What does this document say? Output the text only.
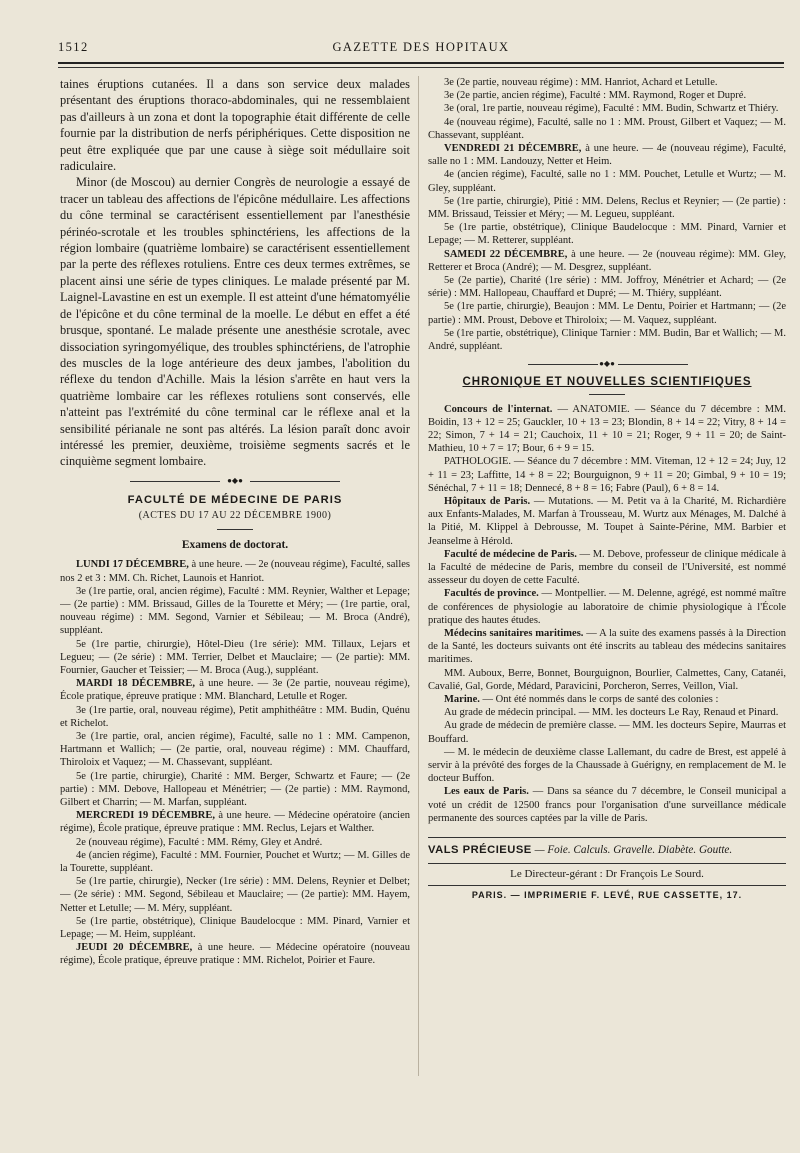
1512	GAZETTE DES HOPITAUX

taines éruptions cutanées. Il a dans son service deux malades présentant des éruptions thoraco-abdominales, qui ne ressemblaient pas d'ailleurs à un zona et dont la topographie était différente de celle fournie par la distribution de nerfs périphériques. Cette disposition ne peut être expliquée que par une cause à siège soit médullaire soit radiculaire.

Minor (de Moscou) au dernier Congrès de neurologie a essayé de tracer un tableau des affections de l'épicône médullaire. Les affections du cône terminal se caractérisent essentiellement par l'anesthésie périnéo-scrotale et les troubles sphinctériens, les affections de la région lombaire (quatrième lombaire) se caractérisent essentiellement par la perte des réflexes rotuliens. Entre ces deux termes extrêmes, se placent ainsi une série de types cliniques. Le malade présenté par M. Laignel-Lavastine en est un exemple. Il est atteint d'une hématomyélie de l'épicône et du cône terminal de la moelle. Le début en effet a été brusque, spontané. Le malade présente une anesthésie scrotale, avec dissociation syringomyélique, des troubles sphinctériens, de l'atrophie des muscles de la loge antérieure des deux jambes, l'abolition du réflexe du tendon d'Achille. Mais la lésion s'arrête en haut vers la quatrième lombaire car les réflexes rotuliens sont conservés, elle n'atteint pas l'extrémité du cône terminal car le réflexe anal et la sensibilité périanale ne sont pas altérés. La lésion paraît donc avoir intéressé les premier, deuxième, troisième segments sacrés et le cinquième segment lombaire.

●◆●
FACULTÉ DE MÉDECINE DE PARIS
(ACTES DU 17 AU 22 DÉCEMBRE 1900)
Examens de doctorat.

LUNDI 17 DÉCEMBRE, à une heure. — 2e (nouveau régime), Faculté, salles nos 2 et 3 : MM. Ch. Richet, Launois et Hanriot.

3e (1re partie, oral, ancien régime), Faculté : MM. Reynier, Walther et Lepage; — (2e partie) : MM. Brissaud, Gilles de la Tourette et Méry; — (1re partie, oral, nouveau régime) : MM. Segond, Varnier et Sébileau; — M. Broca (André), suppléant.

5e (1re partie, chirurgie), Hôtel-Dieu (1re série): MM. Tillaux, Lejars et Legueu; — (2e série) : MM. Terrier, Delbet et Mauclaire; — (2e partie): MM. Fournier, Gaucher et Teissier; — M. Broca (Aug.), suppléant.

MARDI 18 DÉCEMBRE, à une heure. — 3e (2e partie, nouveau régime), École pratique, épreuve pratique : MM. Blanchard, Letulle et Roger.

3e (1re partie, oral, nouveau régime), Petit amphithéâtre : MM. Budin, Quénu et Richelot.

3e (1re partie, oral, ancien régime), Faculté, salle no 1 : MM. Campenon, Hartmann et Wallich; — (2e partie, oral, nouveau régime) : MM. Chauffard, Thiroloix et Vaquez; — M. Chassevant, suppléant.

5e (1re partie, chirurgie), Charité : MM. Berger, Schwartz et Faure; — (2e partie) : MM. Debove, Hallopeau et Ménétrier; — (2e partie) : MM. Raymond, Gilbert et Charrin; — M. Marfan, suppléant.

MERCREDI 19 DÉCEMBRE, à une heure. — Médecine opératoire (ancien régime), École pratique, épreuve pratique : MM. Reclus, Lejars et Walther.

2e (nouveau régime), Faculté : MM. Rémy, Gley et André.

4e (ancien régime), Faculté : MM. Fournier, Pouchet et Wurtz; — M. Gilles de la Tourette, suppléant.

5e (1re partie, chirurgie), Necker (1re série) : MM. Delens, Reynier et Delbet; — (2e série) : MM. Segond, Sébileau et Mauclaire; — (2e partie): MM. Hayem, Netter et Letulle; — M. Méry, suppléant.

5e (1re partie, obstétrique), Clinique Baudelocque : MM. Pinard, Varnier et Lepage; — M. Heim, suppléant.

JEUDI 20 DÉCEMBRE, à une heure. — Médecine opératoire (nouveau régime), École pratique, épreuve pratique : MM. Richelot, Poirier et Faure.

3e (2e partie, nouveau régime) : MM. Hanriot, Achard et Letulle.

3e (2e partie, ancien régime), Faculté : MM. Raymond, Roger et Dupré.

3e (oral, 1re partie, nouveau régime), Faculté : MM. Budin, Schwartz et Thiéry.

4e (nouveau régime), Faculté, salle no 1 : MM. Proust, Gilbert et Vaquez; — M. Chassevant, suppléant.

VENDREDI 21 DÉCEMBRE, à une heure. — 4e (nouveau régime), Faculté, salle no 1 : MM. Landouzy, Netter et Heim.

4e (ancien régime), Faculté, salle no 1 : MM. Pouchet, Letulle et Wurtz; — M. Gley, suppléant.

5e (1re partie, chirurgie), Pitié : MM. Delens, Reclus et Reynier; — (2e partie) : MM. Brissaud, Teissier et Méry; — M. Legueu, suppléant.

5e (1re partie, obstétrique), Clinique Baudelocque : MM. Pinard, Varnier et Lepage; — M. Retterer, suppléant.

SAMEDI 22 DÉCEMBRE, à une heure. — 2e (nouveau régime): MM. Gley, Retterer et Broca (André); — M. Desgrez, suppléant.

5e (2e partie), Charité (1re série) : MM. Joffroy, Ménétrier et Achard; — (2e série) : MM. Hallopeau, Chauffard et Dupré; — M. Thiéry, suppléant.

5e (1re partie, chirurgie), Beaujon : MM. Le Dentu, Poirier et Hartmann; — (2e partie) : MM. Proust, Debove et Thiroloix; — M. Vaquez, suppléant.

5e (1re partie, obstétrique), Clinique Tarnier : MM. Budin, Bar et Wallich; — M. André, suppléant.

●◆●
CHRONIQUE ET NOUVELLES SCIENTIFIQUES

Concours de l'internat. — ANATOMIE. — Séance du 7 décembre : MM. Boidin, 13 + 12 = 25; Gauckler, 10 + 13 = 23; Blondin, 8 + 14 = 22; Vitry, 8 + 14 = 22; Simon, 7 + 14 = 21; Cauchoix, 11 + 10 = 21; Roger, 9 + 11 = 20; de Saint-Mathieu, 10 + 7 = 17; Bour, 6 + 9 = 15.

PATHOLOGIE. — Séance du 7 décembre : MM. Viteman, 12 + 12 = 24; Juy, 12 + 11 = 23; Laffitte, 14 + 8 = 22; Bourguignon, 9 + 11 = 20; Gimbal, 9 + 10 = 19; Sénéchal, 7 + 11 = 18; Dennecé, 8 + 8 = 16; Fabre (Paul), 6 + 8 = 14.

Hôpitaux de Paris. — Mutations. — M. Petit va à la Charité, M. Richardière aux Enfants-Malades, M. Marfan à Trousseau, M. Wurtz aux Ménages, M. Dalché à la Pitié, M. Klippel à Debrousse, M. Toupet à Sainte-Périne, MM. Barbier et Jeanselme à Hérold.

Faculté de médecine de Paris. — M. Debove, professeur de clinique médicale à la Faculté de médecine de Paris, membre du conseil de l'Université, est nommé assesseur du doyen de cette Faculté.

Facultés de province. — Montpellier. — M. Delenne, agrégé, est nommé maître de conférences de physiologie au laboratoire de chimie physiologique à l'École pratique des hautes études.

Médecins sanitaires maritimes. — A la suite des examens passés à la Direction de la Santé, les docteurs suivants ont été inscrits au tableau des médecins sanitaires maritimes.

MM. Auboux, Berre, Bonnet, Bourguignon, Bourlier, Calmettes, Cany, Catanéi, Cavalié, Gal, Gorde, Médard, Paravicini, Porcheron, Serres, Veillon, Vial.

Marine. — Ont été nommés dans le corps de santé des colonies :

Au grade de médecin principal. — MM. les docteurs Le Ray, Renaud et Pinard.

Au grade de médecin de première classe. — MM. les docteurs Sepire, Maurras et Bouffard.

— M. le médecin de deuxième classe Lallemant, du cadre de Brest, est appelé à servir à la prévôté des forges de la Chaussade à Guérigny, en remplacement de M. le docteur Buffon.

Les eaux de Paris. — Dans sa séance du 7 décembre, le Conseil municipal a voté un crédit de 12500 francs pour l'organisation d'une surveillance médicale permanente des sources captées par la ville de Paris.

VALS PRÉCIEUSE — Foie. Calculs. Gravelle. Diabète. Goutte.
Le Directeur-gérant : Dr François Le Sourd.
PARIS. — IMPRIMERIE F. LEVÉ, RUE CASSETTE, 17.
